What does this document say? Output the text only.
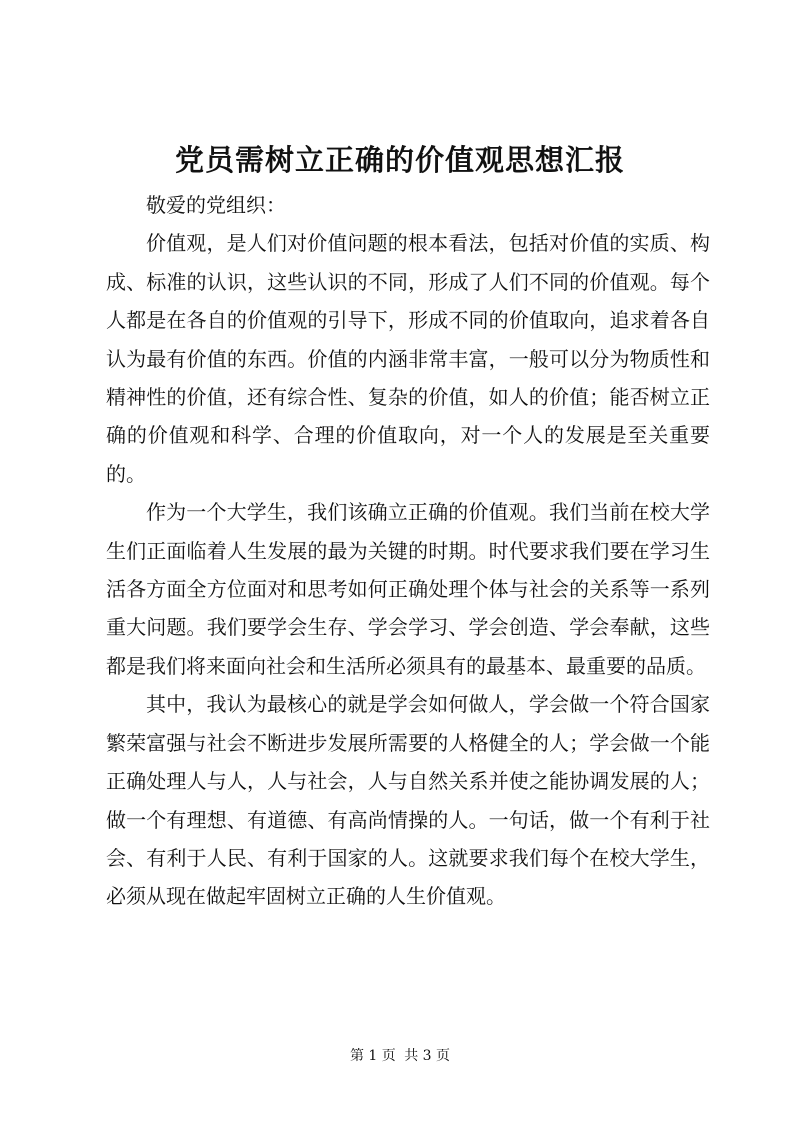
党员需树立正确的价值观思想汇报

敬爱的党组织：

价值观，是人们对价值问题的根本看法，包括对价值的实质、构成、标准的认识，这些认识的不同，形成了人们不同的价值观。每个人都是在各自的价值观的引导下，形成不同的价值取向，追求着各自认为最有价值的东西。价值的内涵非常丰富，一般可以分为物质性和精神性的价值，还有综合性、复杂的价值，如人的价值；能否树立正确的价值观和科学、合理的价值取向，对一个人的发展是至关重要的。

作为一个大学生，我们该确立正确的价值观。我们当前在校大学生们正面临着人生发展的最为关键的时期。时代要求我们要在学习生活各方面全方位面对和思考如何正确处理个体与社会的关系等一系列重大问题。我们要学会生存、学会学习、学会创造、学会奉献，这些都是我们将来面向社会和生活所必须具有的最基本、最重要的品质。

其中，我认为最核心的就是学会如何做人，学会做一个符合国家繁荣富强与社会不断进步发展所需要的人格健全的人；学会做一个能正确处理人与人，人与社会，人与自然关系并使之能协调发展的人；做一个有理想、有道德、有高尚情操的人。一句话，做一个有利于社会、有利于人民、有利于国家的人。这就要求我们每个在校大学生，必须从现在做起牢固树立正确的人生价值观。

第 1 页 共 3 页
